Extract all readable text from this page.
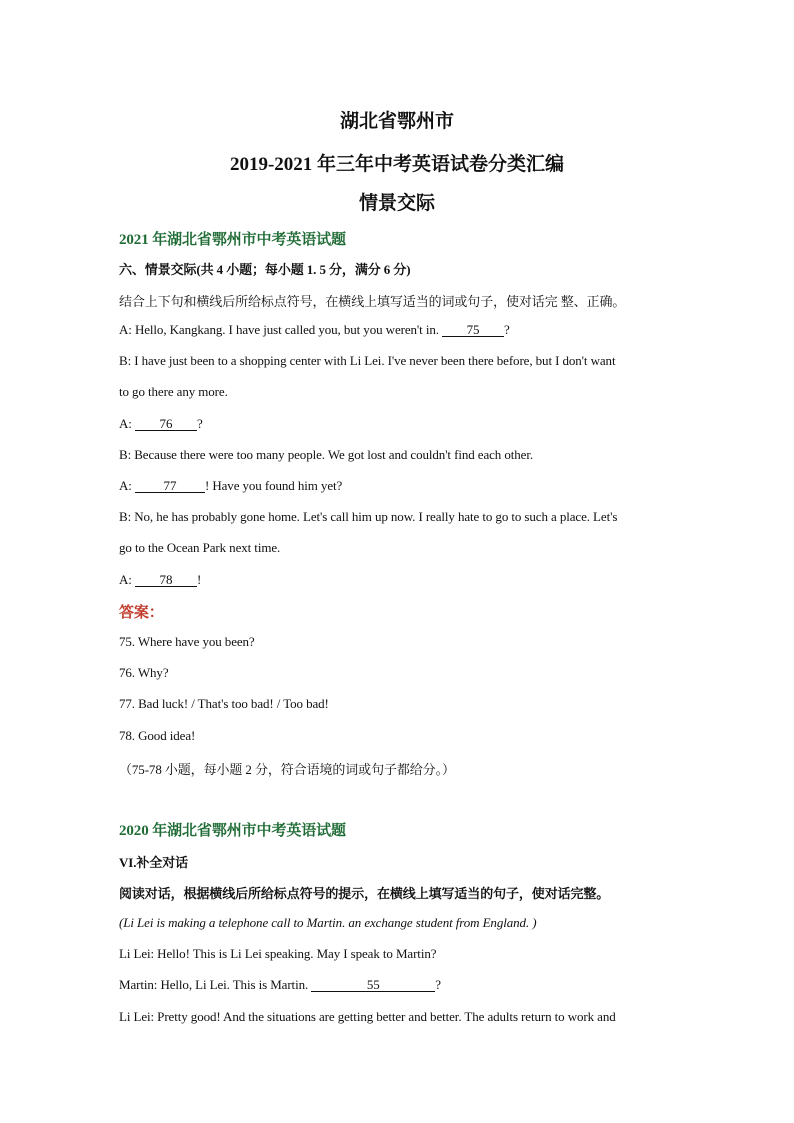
湖北省鄂州市
2019-2021 年三年中考英语试卷分类汇编
情景交际
2021 年湖北省鄂州市中考英语试题
六、情景交际(共 4 小题；每小题 1. 5 分，满分 6 分)
结合上下句和横线后所给标点符号，在横线上填写适当的词或句子，使对话完 整、正确。
A: Hello, Kangkang. I have just called you, but you weren't in. 75 ?
B: I have just been to a shopping center with Li Lei. I've never been there before, but I don't want
to go there any more.
A: 76 ?
B: Because there were too many people. We got lost and couldn't find each other.
A: 77 ! Have you found him yet?
B: No, he has probably gone home. Let's call him up now. I really hate to go to such a place. Let's
go to the Ocean Park next time.
A: 78 !
答案：
75. Where have you been?
76. Why?
77. Bad luck! / That's too bad! / Too bad!
78. Good idea!
（75-78 小题，每小题 2 分，符合语境的词或句子都给分。）
2020 年湖北省鄂州市中考英语试题
VI.补全对话
阅读对话，根据横线后所给标点符号的提示，在横线上填写适当的句子，使对话完整。
(Li Lei is making a telephone call to Martin. an exchange student from England. )
Li Lei: Hello! This is Li Lei speaking. May I speak to Martin?
Martin: Hello, Li Lei. This is Martin.	55	?
Li Lei: Pretty good! And the situations are getting better and better. The adults return to work and
